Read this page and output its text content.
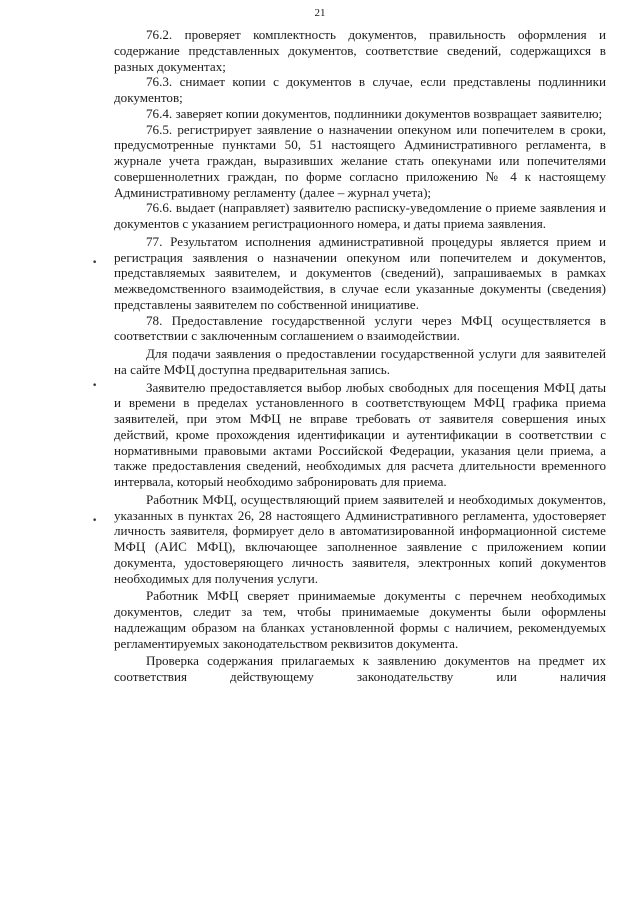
21
•
•
•

76.2. проверяет комплектность документов, правильность оформления и содержание представленных документов, соответствие сведений, содержащихся в разных документах;

76.3. снимает копии с документов в случае, если представлены подлинники документов;

76.4. заверяет копии документов, подлинники документов возвращает заявителю;

76.5. регистрирует заявление о назначении опекуном или попечителем в сроки, предусмотренные пунктами 50, 51 настоящего Административного регламента, в журнале учета граждан, выразивших желание стать опекунами или попечителями совершеннолетних граждан, по форме согласно приложению № 4 к настоящему Административному регламенту (далее – журнал учета);

76.6. выдает (направляет) заявителю расписку-уведомление о приеме заявления и документов с указанием регистрационного номера, и даты приема заявления.

77. Результатом исполнения административной процедуры является прием и регистрация заявления о назначении опекуном или попечителем и документов, представляемых заявителем, и документов (сведений), запрашиваемых в рамках межведомственного взаимодействия, в случае если указанные документы (сведения) представлены заявителем по собственной инициативе.

78. Предоставление государственной услуги через МФЦ осуществляется в соответствии с заключенным соглашением о взаимодействии.

Для подачи заявления о предоставлении государственной услуги для заявителей на сайте МФЦ доступна предварительная запись.

Заявителю предоставляется выбор любых свободных для посещения МФЦ даты и времени в пределах установленного в соответствующем МФЦ графика приема заявителей, при этом МФЦ не вправе требовать от заявителя совершения иных действий, кроме прохождения идентификации и аутентификации в соответствии с нормативными правовыми актами Российской Федерации, указания цели приема, а также предоставления сведений, необходимых для расчета длительности временного интервала, который необходимо забронировать для приема.

Работник МФЦ, осуществляющий прием заявителей и необходимых документов, указанных в пунктах 26, 28 настоящего Административного регламента, удостоверяет личность заявителя, формирует дело в автоматизированной информационной системе МФЦ (АИС МФЦ), включающее заполненное заявление с приложением копии документа, удостоверяющего личность заявителя, электронных копий документов необходимых для получения услуги.

Работник МФЦ сверяет принимаемые документы с перечнем необходимых документов, следит за тем, чтобы принимаемые документы были оформлены надлежащим образом на бланках установленной формы с наличием, рекомендуемых регламентируемых законодательством реквизитов документа.

Проверка содержания прилагаемых к заявлению документов на предмет их соответствия действующему законодательству или наличия
